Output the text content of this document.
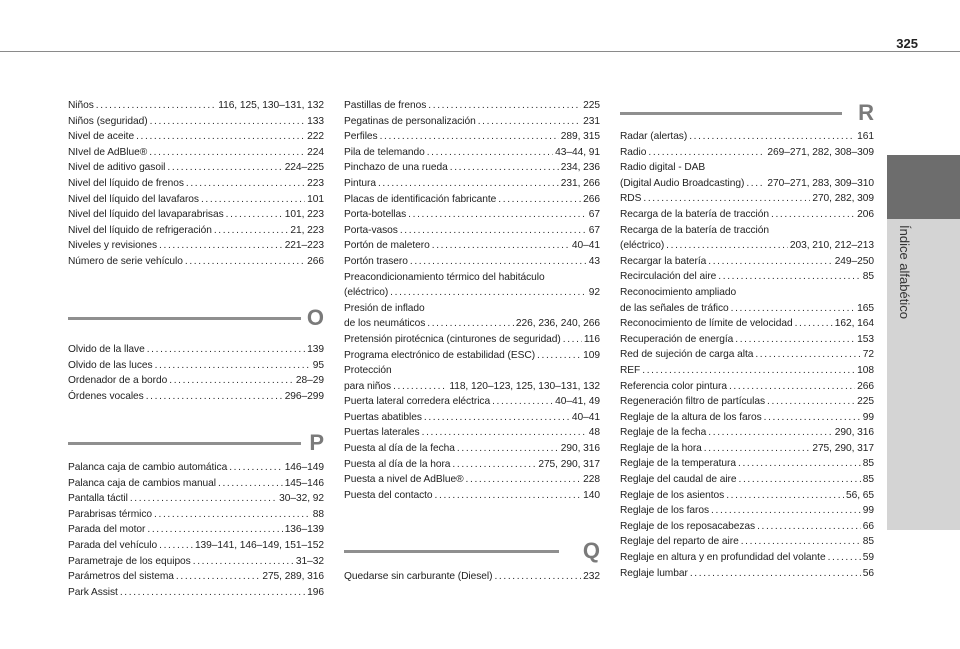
325
Índice alfabético
Niños . . .	116, 125, 130–131, 132
Niños (seguridad) . . .	133
Nivel de aceite . . .	222
NIvel de AdBlue® . . .	224
Nivel de aditivo gasoil . . .	224–225
Nivel del líquido de frenos . . .	223
Nivel del líquido del lavafaros . . .	101
Nivel del líquido del lavaparabrisas . . .	101, 223
Nivel del líquido de refrigeración . . .	21, 223
Niveles y revisiones . . .	221–223
Número de serie vehículo . . .	266
O
Olvido de la llave . . .	139
Olvido de las luces . . .	95
Ordenador de a bordo . . .	28–29
Órdenes vocales . . .	296–299
P
Palanca caja de cambio automática . . .	146–149
Palanca caja de cambios manual . . .	145–146
Pantalla táctil . . .	30–32, 92
Parabrisas térmico . . .	88
Parada del motor . . .	136–139
Parada del vehículo . . .	139–141, 146–149, 151–152
Parametraje de los equipos . . .	31–32
Parámetros del sistema . . .	275, 289, 316
Park Assist . . .	196
Pastillas de frenos . . .	225
Pegatinas de personalización . . .	231
Perfiles . . .	289, 315
Pila de telemando . . .	43–44, 91
Pinchazo de una rueda . . .	234, 236
Pintura . . .	231, 266
Placas de identificación fabricante . . .	266
Porta-botellas . . .	67
Porta-vasos . . .	67
Portón de maletero . . .	40–41
Portón trasero . . .	43
Preacondicionamiento térmico del habitáculo
(eléctrico) . . .	92
Presión de inflado
de los neumáticos . . .	226, 236, 240, 266
Pretensión pirotécnica (cinturones de seguridad) . . . 116
Programa electrónico de estabilidad (ESC) . . .	109
Protección
para niños . . .	118, 120–123, 125, 130–131, 132
Puerta lateral corredera eléctrica . . .	40–41, 49
Puertas abatibles . . .	40–41
Puertas laterales . . .	48
Puesta al día de la fecha . . .	290, 316
Puesta al día de la hora . . .	275, 290, 317
Puesta a nivel de AdBlue® . . .	228
Puesta del contacto . . .	140
Q
Quedarse sin carburante (Diesel) . . .	232
R
Radar (alertas) . . .	161
Radio . . .	269–271, 282, 308–309
Radio digital - DAB
(Digital Audio Broadcasting) . . . 270–271, 283, 309–310
RDS . . .	270, 282, 309
Recarga de la batería de tracción . . .	206
Recarga de la batería de tracción
(eléctrico) . . .	203, 210, 212–213
Recargar la batería . . .	249–250
Recirculación del aire . . .	85
Reconocimiento ampliado
de las señales de tráfico . . .	165
Reconocimiento de límite de velocidad . . .	162, 164
Recuperación de energía . . .	153
Red de sujeción de carga alta . . .	72
REF . . .	108
Referencia color pintura . . .	266
Regeneración filtro de partículas . . .	225
Reglaje de la altura de los faros . . .	99
Reglaje de la fecha . . .	290, 316
Reglaje de la hora . . .	275, 290, 317
Reglaje de la temperatura . . .	85
Reglaje del caudal de aire . . .	85
Reglaje de los asientos . . .	56, 65
Reglaje de los faros . . .	99
Reglaje de los reposacabezas . . .	66
Reglaje del reparto de aire . . .	85
Reglaje en altura y en profundidad del volante . . .	59
Reglaje lumbar . . .	56
